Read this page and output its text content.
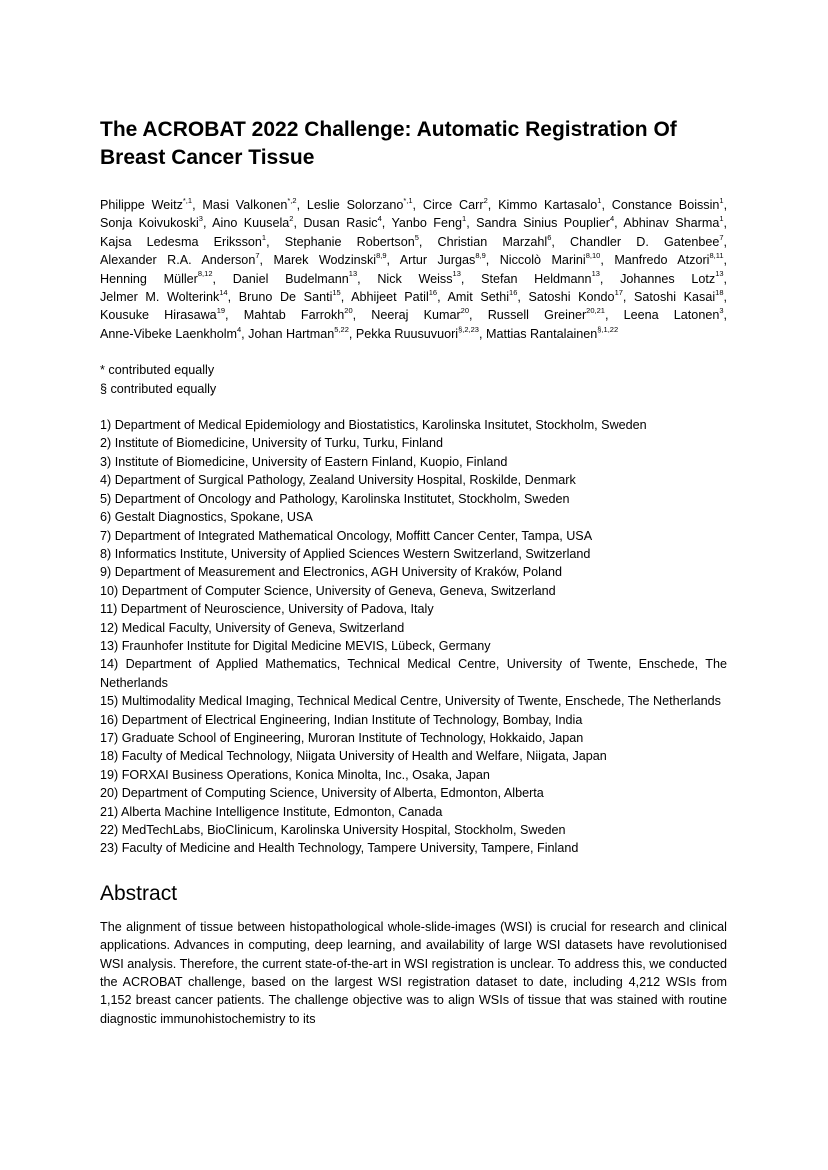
The ACROBAT 2022 Challenge: Automatic Registration Of Breast Cancer Tissue
Philippe Weitz$^{*,1}$, Masi Valkonen$^{*,2}$, Leslie Solorzano$^{*,1}$, Circe Carr$^2$, Kimmo Kartasalo$^1$, Constance Boissin$^1$, Sonja Koivukoski$^3$, Aino Kuusela$^2$, Dusan Rasic$^4$, Yanbo Feng$^1$, Sandra Sinius Pouplier$^4$, Abhinav Sharma$^1$, Kajsa Ledesma Eriksson$^1$, Stephanie Robertson$^5$, Christian Marzahl$^6$, Chandler D. Gatenbee$^7$, Alexander R.A. Anderson$^7$, Marek Wodzinski$^{8,9}$, Artur Jurgas$^{8,9}$, Niccolò Marini$^{8,10}$, Manfredo Atzori$^{8,11}$, Henning Müller$^{8,12}$, Daniel Budelmann$^{13}$, Nick Weiss$^{13}$, Stefan Heldmann$^{13}$, Johannes Lotz$^{13}$, Jelmer M. Wolterink$^{14}$, Bruno De Santi$^{15}$, Abhijeet Patil$^{16}$, Amit Sethi$^{16}$, Satoshi Kondo$^{17}$, Satoshi Kasai$^{18}$, Kousuke Hirasawa$^{19}$, Mahtab Farrokh$^{20}$, Neeraj Kumar$^{20}$, Russell Greiner$^{20,21}$, Leena Latonen$^3$, Anne-Vibeke Laenkholm$^4$, Johan Hartman$^{5,22}$, Pekka Ruusuvuori$^{\S,2,23}$, Mattias Rantalainen$^{\S,1,22}$
* contributed equally
§ contributed equally
1) Department of Medical Epidemiology and Biostatistics, Karolinska Insitutet, Stockholm, Sweden
2) Institute of Biomedicine, University of Turku, Turku, Finland
3) Institute of Biomedicine, University of Eastern Finland, Kuopio, Finland
4) Department of Surgical Pathology, Zealand University Hospital, Roskilde, Denmark
5) Department of Oncology and Pathology, Karolinska Institutet, Stockholm, Sweden
6) Gestalt Diagnostics, Spokane, USA
7) Department of Integrated Mathematical Oncology, Moffitt Cancer Center, Tampa, USA
8) Informatics Institute, University of Applied Sciences Western Switzerland, Switzerland
9) Department of Measurement and Electronics, AGH University of Kraków, Poland
10) Department of Computer Science, University of Geneva, Geneva, Switzerland
11) Department of Neuroscience, University of Padova, Italy
12) Medical Faculty, University of Geneva, Switzerland
13) Fraunhofer Institute for Digital Medicine MEVIS, Lübeck, Germany
14) Department of Applied Mathematics, Technical Medical Centre, University of Twente, Enschede, The Netherlands
15) Multimodality Medical Imaging, Technical Medical Centre, University of Twente, Enschede, The Netherlands
16) Department of Electrical Engineering, Indian Institute of Technology, Bombay, India
17) Graduate School of Engineering, Muroran Institute of Technology, Hokkaido, Japan
18) Faculty of Medical Technology, Niigata University of Health and Welfare, Niigata, Japan
19) FORXAI Business Operations, Konica Minolta, Inc., Osaka, Japan
20) Department of Computing Science, University of Alberta, Edmonton, Alberta
21) Alberta Machine Intelligence Institute, Edmonton, Canada
22) MedTechLabs, BioClinicum, Karolinska University Hospital, Stockholm, Sweden
23) Faculty of Medicine and Health Technology, Tampere University, Tampere, Finland
Abstract

The alignment of tissue between histopathological whole-slide-images (WSI) is crucial for research and clinical applications. Advances in computing, deep learning, and availability of large WSI datasets have revolutionised WSI analysis. Therefore, the current state-of-the-art in WSI registration is unclear. To address this, we conducted the ACROBAT challenge, based on the largest WSI registration dataset to date, including 4,212 WSIs from 1,152 breast cancer patients. The challenge objective was to align WSIs of tissue that was stained with routine diagnostic immunohistochemistry to its
